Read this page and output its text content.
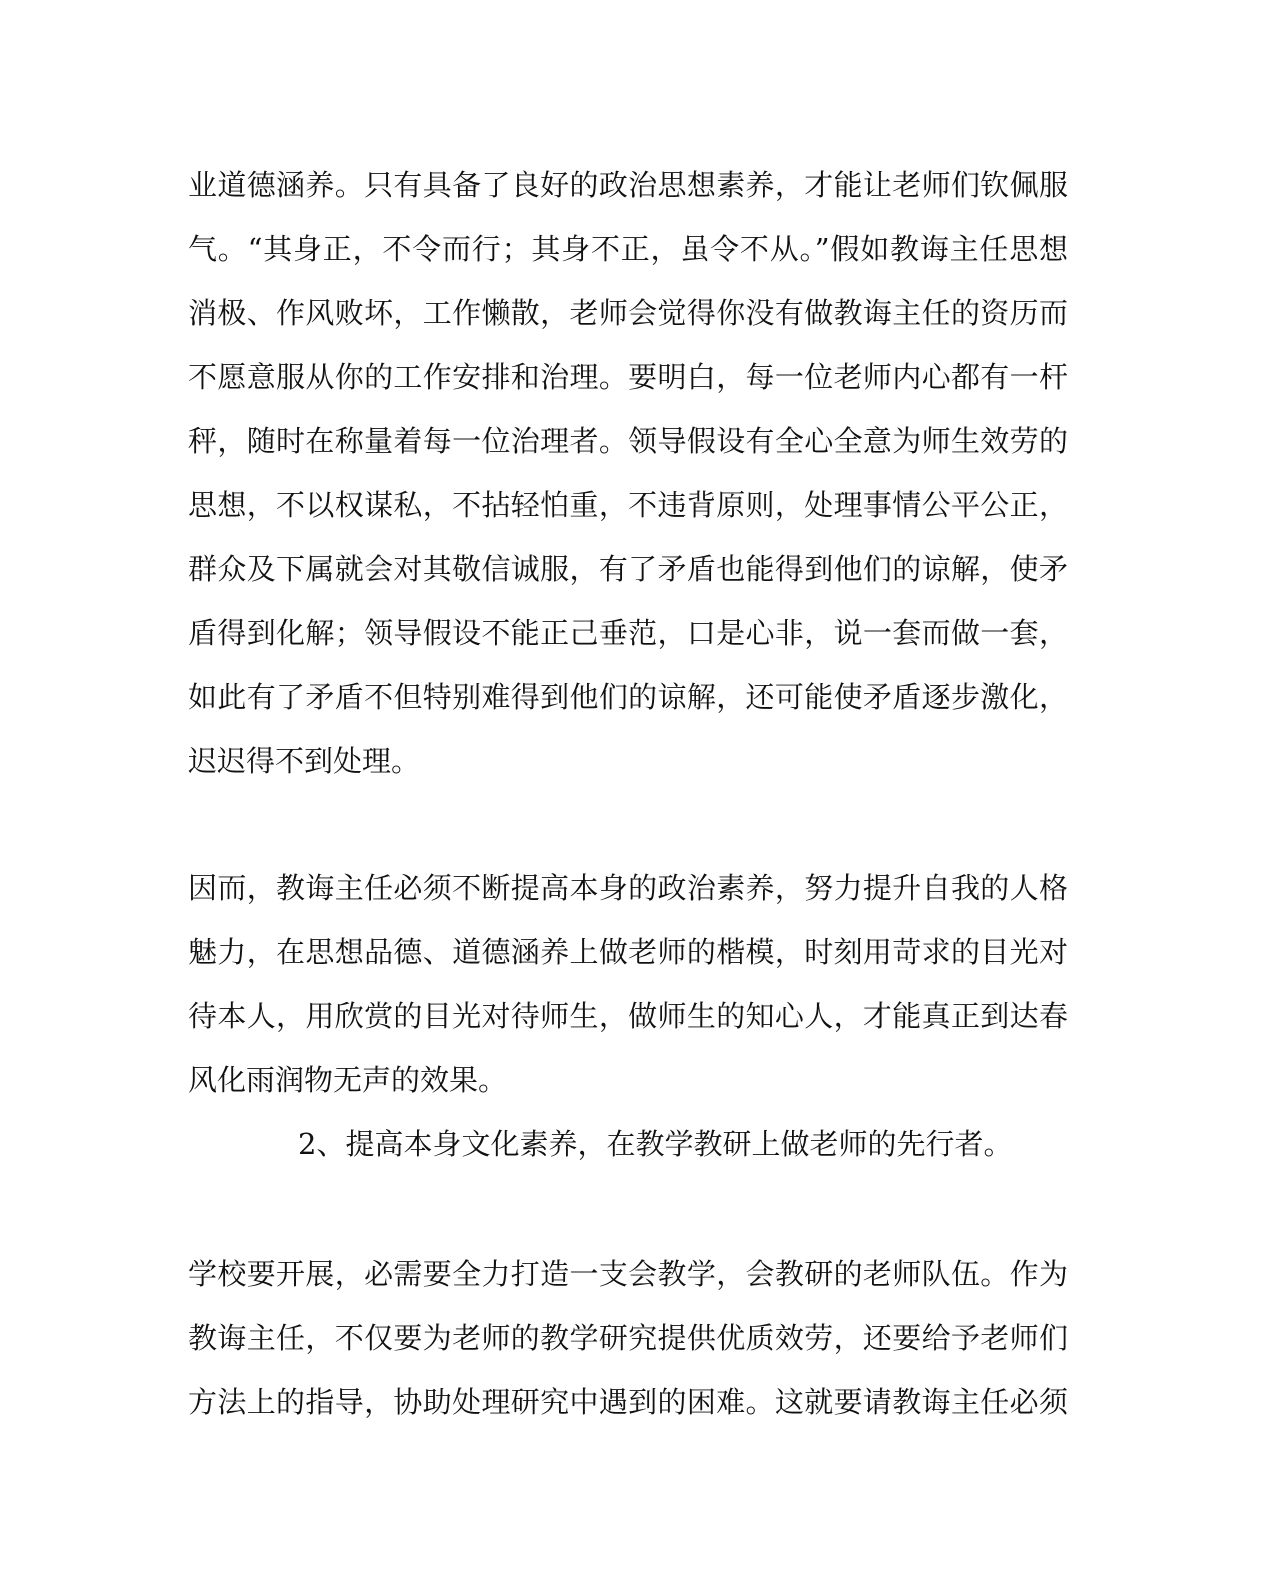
业道德涵养。只有具备了良好的政治思想素养，才能让老师们钦佩服
气。“其身正，不令而行；其身不正，虽令不从。”假如教诲主任思想
消极、作风败坏，工作懒散，老师会觉得你没有做教诲主任的资历而
不愿意服从你的工作安排和治理。要明白，每一位老师内心都有一杆
秤，随时在称量着每一位治理者。领导假设有全心全意为师生效劳的
思想，不以权谋私，不拈轻怕重，不违背原则，处理事情公平公正，
群众及下属就会对其敬信诚服，有了矛盾也能得到他们的谅解，使矛
盾得到化解；领导假设不能正己垂范，口是心非，说一套而做一套，
如此有了矛盾不但特别难得到他们的谅解，还可能使矛盾逐步激化，
迟迟得不到处理。
因而，教诲主任必须不断提高本身的政治素养，努力提升自我的人格
魅力，在思想品德、道德涵养上做老师的楷模，时刻用苛求的目光对
待本人，用欣赏的目光对待师生，做师生的知心人，才能真正到达春
风化雨润物无声的效果。
2、提高本身文化素养，在教学教研上做老师的先行者。
学校要开展，必需要全力打造一支会教学，会教研的老师队伍。作为
教诲主任，不仅要为老师的教学研究提供优质效劳，还要给予老师们
方法上的指导，协助处理研究中遇到的困难。这就要请教诲主任必须
